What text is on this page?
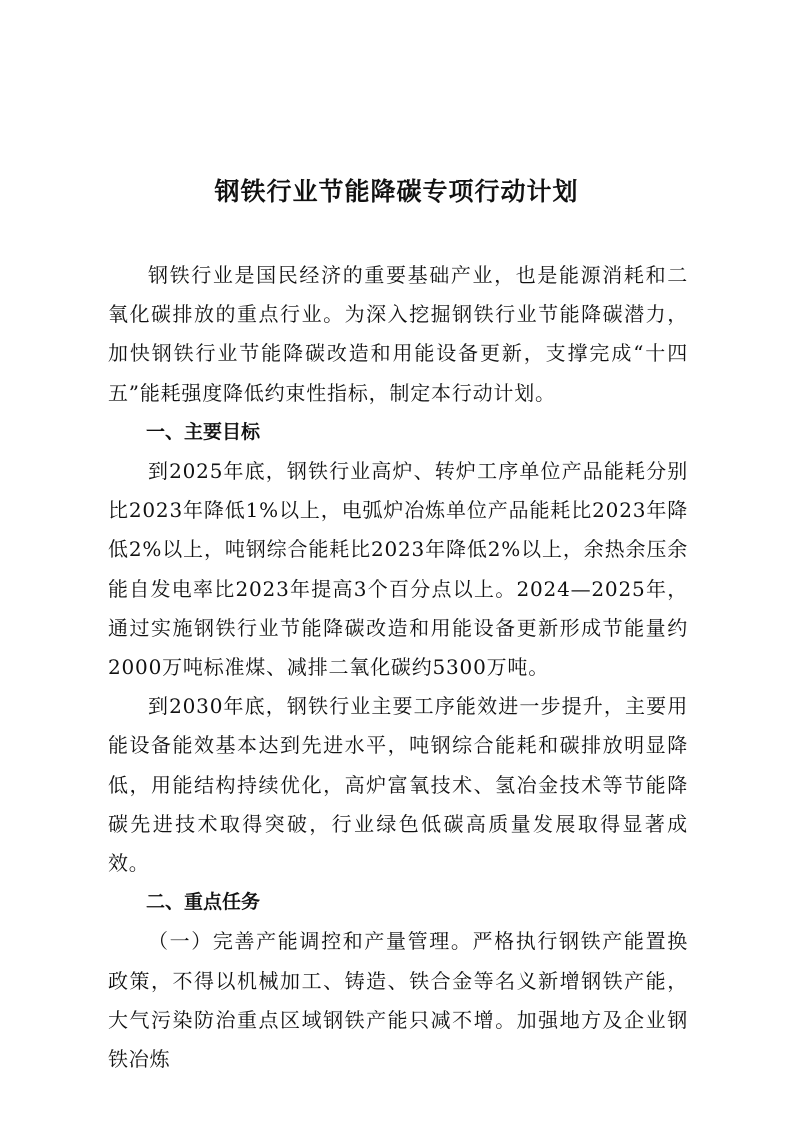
钢铁行业节能降碳专项行动计划

钢铁行业是国民经济的重要基础产业，也是能源消耗和二氧化碳排放的重点行业。为深入挖掘钢铁行业节能降碳潜力，加快钢铁行业节能降碳改造和用能设备更新，支撑完成“十四五”能耗强度降低约束性指标，制定本行动计划。

一、主要目标

到2025年底，钢铁行业高炉、转炉工序单位产品能耗分别比2023年降低1%以上，电弧炉冶炼单位产品能耗比2023年降低2%以上，吨钢综合能耗比2023年降低2%以上，余热余压余能自发电率比2023年提高3个百分点以上。2024—2025年，通过实施钢铁行业节能降碳改造和用能设备更新形成节能量约2000万吨标准煤、减排二氧化碳约5300万吨。

到2030年底，钢铁行业主要工序能效进一步提升，主要用能设备能效基本达到先进水平，吨钢综合能耗和碳排放明显降低，用能结构持续优化，高炉富氧技术、氢冶金技术等节能降碳先进技术取得突破，行业绿色低碳高质量发展取得显著成效。

二、重点任务

（一）完善产能调控和产量管理。严格执行钢铁产能置换政策，不得以机械加工、铸造、铁合金等名义新增钢铁产能，大气污染防治重点区域钢铁产能只减不增。加强地方及企业钢铁冶炼
